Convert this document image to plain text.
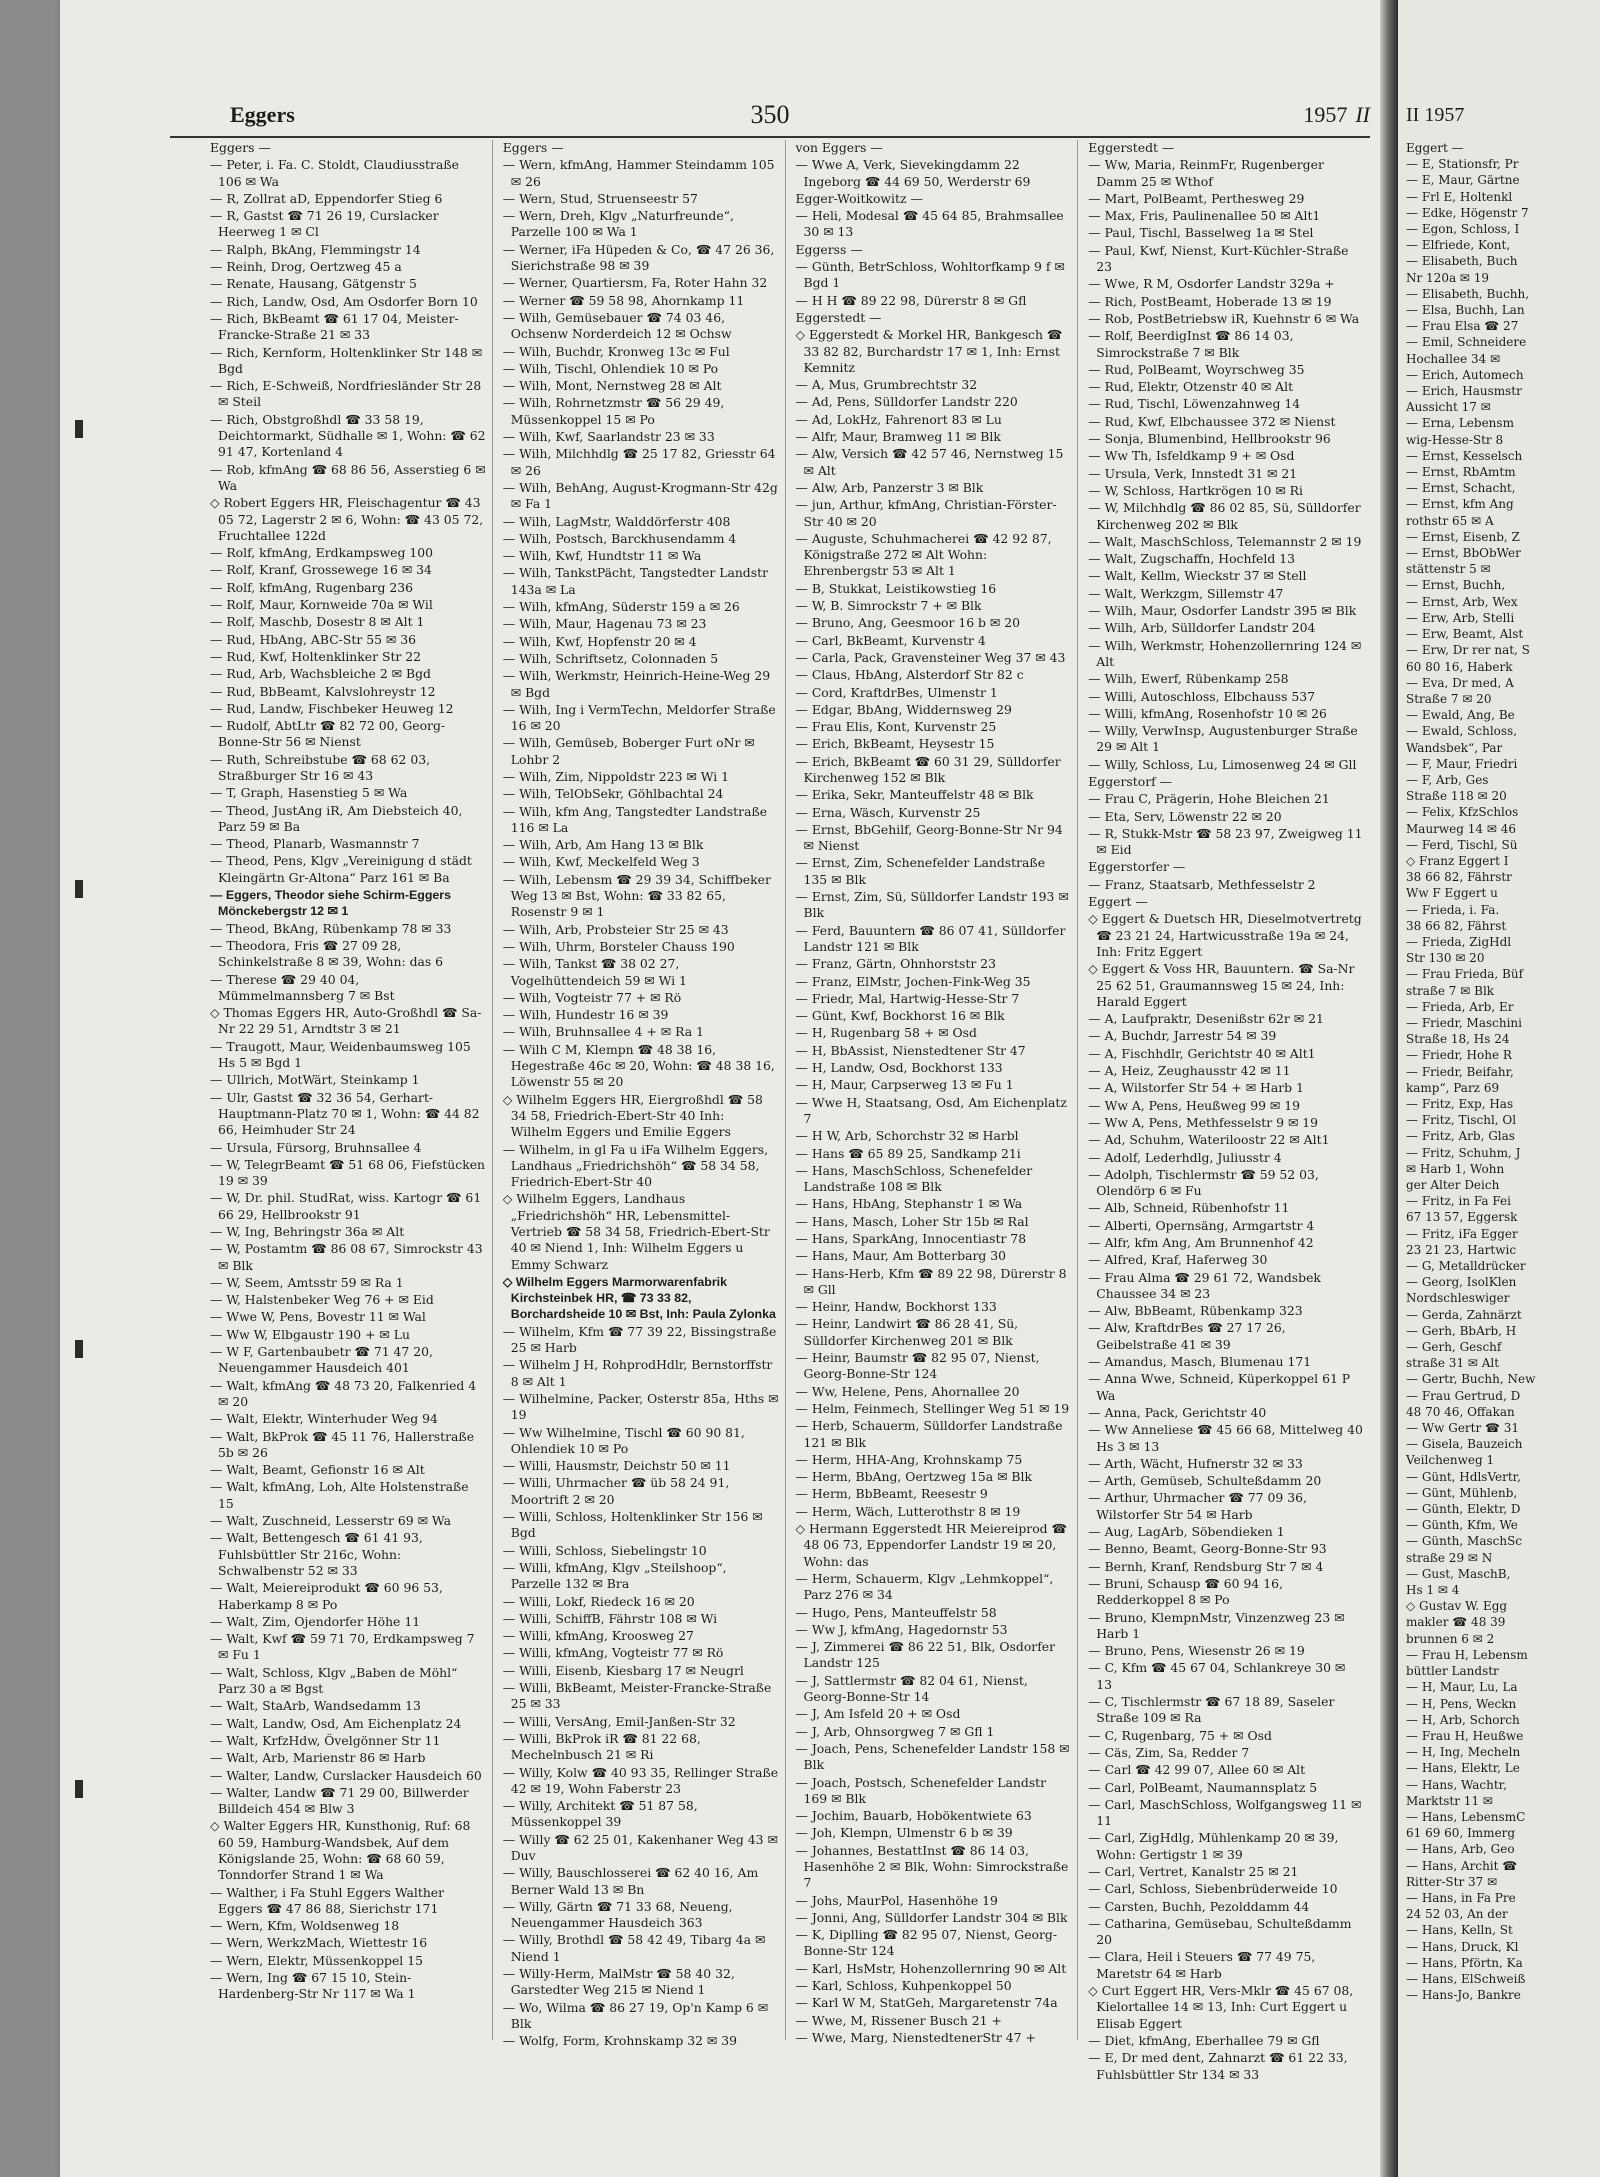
Eggers	350	1957 II
Eggers —
— Peter, i. Fa. C. Stoldt, Claudiusstraße 106 ✉ Wa
— R, Zollrat aD, Eppendorfer Stieg 6
— R, Gastst ☎ 71 26 19, Curslacker Heerweg 1 ✉ Cl
— Ralph, BkAng, Flemmingstr 14
— Reinh, Drog, Oertzweg 45 a
— Renate, Hausang, Gätgenstr 5
— Rich, Landw, Osd, Am Osdorfer Born 10
— Rich, BkBeamt ☎ 61 17 04, Meister-Francke-Straße 21 ✉ 33
— Rich, Kernform, Holtenklinker Str 148 ✉ Bgd
— Rich, E-Schweiß, Nordfriesländer Str 28 ✉ Steil
— Rich, Obstgroßhdl ☎ 33 58 19, Deichtormarkt, Südhalle ✉ 1, Wohn: ☎ 62 91 47, Kortenland 4
— Rob, kfmAng ☎ 68 86 56, Asserstieg 6 ✉ Wa
◇ Robert Eggers HR, Fleischagentur ☎ 43 05 72, Lagerstr 2 ✉ 6, Wohn: ☎ 43 05 72, Fruchtallee 122d
— Rolf, kfmAng, Erdkampsweg 100
— Rolf, Kranf, Grossewege 16 ✉ 34
— Rolf, kfmAng, Rugenbarg 236
— Rolf, Maur, Kornweide 70a ✉ Wil
— Rolf, Maschb, Dosestr 8 ✉ Alt 1
— Rud, HbAng, ABC-Str 55 ✉ 36
— Rud, Kwf, Holtenklinker Str 22
— Rud, Arb, Wachsbleiche 2 ✉ Bgd
— Rud, BbBeamt, Kalvslohreystr 12
— Rud, Landw, Fischbeker Heuweg 12
— Rudolf, AbtLtr ☎ 82 72 00, Georg-Bonne-Str 56 ✉ Nienst
— Ruth, Schreibstube ☎ 68 62 03, Straßburger Str 16 ✉ 43
— T, Graph, Hasenstieg 5 ✉ Wa
— Theod, JustAng iR, Am Diebsteich 40, Parz 59 ✉ Ba
— Theod, Planarb, Wasmannstr 7
— Theod, Pens, Klgv „Vereinigung d städt Kleingärtn Gr-Altona“ Parz 161 ✉ Ba
— Eggers, Theodor siehe Schirm-Eggers Mönckebergstr 12 ✉ 1
— Theod, BkAng, Rübenkamp 78 ✉ 33
— Theodora, Fris ☎ 27 09 28, Schinkelstraße 8 ✉ 39, Wohn: das 6
— Therese ☎ 29 40 04, Mümmelmannsberg 7 ✉ Bst
◇ Thomas Eggers HR, Auto-Großhdl ☎ Sa-Nr 22 29 51, Arndtstr 3 ✉ 21
— Traugott, Maur, Weidenbaumsweg 105 Hs 5 ✉ Bgd 1
— Ullrich, MotWärt, Steinkamp 1
— Ulr, Gastst ☎ 32 36 54, Gerhart-Hauptmann-Platz 70 ✉ 1, Wohn: ☎ 44 82 66, Heimhuder Str 24
— Ursula, Fürsorg, Bruhnsallee 4
— W, TelegrBeamt ☎ 51 68 06, Fiefstücken 19 ✉ 39
— W, Dr. phil. StudRat, wiss. Kartogr ☎ 61 66 29, Hellbrookstr 91
— W, Ing, Behringstr 36a ✉ Alt
— W, Postamtm ☎ 86 08 67, Simrockstr 43 ✉ Blk
— W, Seem, Amtsstr 59 ✉ Ra 1
— W, Halstenbeker Weg 76 + ✉ Eid
— Wwe W, Pens, Bovestr 11 ✉ Wal
— Ww W, Elbgaustr 190 + ✉ Lu
— W F, Gartenbaubetr ☎ 71 47 20, Neuengammer Hausdeich 401
— Walt, kfmAng ☎ 48 73 20, Falkenried 4 ✉ 20
— Walt, Elektr, Winterhuder Weg 94
— Walt, BkProk ☎ 45 11 76, Hallerstraße 5b ✉ 26
— Walt, Beamt, Gefionstr 16 ✉ Alt
— Walt, kfmAng, Loh, Alte Holstenstraße 15
— Walt, Zuschneid, Lesserstr 69 ✉ Wa
— Walt, Bettengesch ☎ 61 41 93, Fuhlsbüttler Str 216c, Wohn: Schwalbenstr 52 ✉ 33
— Walt, Meiereiprodukt ☎ 60 96 53, Haberkamp 8 ✉ Po
— Walt, Zim, Ojendorfer Höhe 11
— Walt, Kwf ☎ 59 71 70, Erdkampsweg 7 ✉ Fu 1
— Walt, Schloss, Klgv „Baben de Möhl“ Parz 30 a ✉ Bgst
— Walt, StaArb, Wandsedamm 13
— Walt, Landw, Osd, Am Eichenplatz 24
— Walt, KrfzHdw, Övelgönner Str 11
— Walt, Arb, Marienstr 86 ✉ Harb
— Walter, Landw, Curslacker Hausdeich 60
— Walter, Landw ☎ 71 29 00, Billwerder Billdeich 454 ✉ Blw 3
◇ Walter Eggers HR, Kunsthonig, Ruf: 68 60 59, Hamburg-Wandsbek, Auf dem Königslande 25, Wohn: ☎ 68 60 59, Tonndorfer Strand 1 ✉ Wa
— Walther, i Fa Stuhl Eggers Walther Eggers ☎ 47 86 88, Sierichstr 171
— Wern, Kfm, Woldsenweg 18
— Wern, WerkzMach, Wiettestr 16
— Wern, Elektr, Müssenkoppel 15
— Wern, Ing ☎ 67 15 10, Stein-Hardenberg-Str Nr 117 ✉ Wa 1
Eggers —
— Wern, kfmAng, Hammer Steindamm 105 ✉ 26
— Wern, Stud, Struenseestr 57
— Wern, Dreh, Klgv „Naturfreunde“, Parzelle 100 ✉ Wa 1
— Werner, iFa Hüpeden & Co, ☎ 47 26 36, Sierichstraße 98 ✉ 39
— Werner, Quartiersm, Fa, Roter Hahn 32
— Werner ☎ 59 58 98, Ahornkamp 11
— Wilh, Gemüsebauer ☎ 74 03 46, Ochsenw Norderdeich 12 ✉ Ochsw
— Wilh, Buchdr, Kronweg 13c ✉ Ful
— Wilh, Tischl, Ohlendiek 10 ✉ Po
— Wilh, Mont, Nernstweg 28 ✉ Alt
— Wilh, Rohrnetzmstr ☎ 56 29 49, Müssenkoppel 15 ✉ Po
— Wilh, Kwf, Saarlandstr 23 ✉ 33
— Wilh, Milchhdlg ☎ 25 17 82, Griesstr 64 ✉ 26
— Wilh, BehAng, August-Krogmann-Str 42g ✉ Fa 1
— Wilh, LagMstr, Walddörferstr 408
— Wilh, Postsch, Barckhusendamm 4
— Wilh, Kwf, Hundtstr 11 ✉ Wa
— Wilh, TankstPächt, Tangstedter Landstr 143a ✉ La
— Wilh, kfmAng, Süderstr 159 a ✉ 26
— Wilh, Maur, Hagenau 73 ✉ 23
— Wilh, Kwf, Hopfenstr 20 ✉ 4
— Wilh, Schriftsetz, Colonnaden 5
— Wilh, Werkmstr, Heinrich-Heine-Weg 29 ✉ Bgd
— Wilh, Ing i VermTechn, Meldorfer Straße 16 ✉ 20
— Wilh, Gemüseb, Boberger Furt oNr ✉ Lohbr 2
— Wilh, Zim, Nippoldstr 223 ✉ Wi 1
— Wilh, TelObSekr, Göhlbachtal 24
— Wilh, kfm Ang, Tangstedter Landstraße 116 ✉ La
— Wilh, Arb, Am Hang 13 ✉ Blk
— Wilh, Kwf, Meckelfeld Weg 3
— Wilh, Lebensm ☎ 29 39 34, Schiffbeker Weg 13 ✉ Bst, Wohn: ☎ 33 82 65, Rosenstr 9 ✉ 1
— Wilh, Arb, Probsteier Str 25 ✉ 43
— Wilh, Uhrm, Borsteler Chauss 190
— Wilh, Tankst ☎ 38 02 27, Vogelhüttendeich 59 ✉ Wi 1
— Wilh, Vogteistr 77 + ✉ Rö
— Wilh, Hundestr 16 ✉ 39
— Wilh, Bruhnsallee 4 + ✉ Ra 1
— Wilh C M, Klempn ☎ 48 38 16, Hegestraße 46c ✉ 20, Wohn: ☎ 48 38 16, Löwenstr 55 ✉ 20
◇ Wilhelm Eggers HR, Eiergroßhdl ☎ 58 34 58, Friedrich-Ebert-Str 40 Inh: Wilhelm Eggers und Emilie Eggers
— Wilhelm, in gl Fa u iFa Wilhelm Eggers, Landhaus „Friedrichshöh“ ☎ 58 34 58, Friedrich-Ebert-Str 40
◇ Wilhelm Eggers, Landhaus „Friedrichshöh“ HR, Lebensmittel-Vertrieb ☎ 58 34 58, Friedrich-Ebert-Str 40 ✉ Niend 1, Inh: Wilhelm Eggers u Emmy Schwarz
◇ Wilhelm Eggers Marmorwarenfabrik Kirchsteinbek HR, ☎ 73 33 82, Borchardsheide 10 ✉ Bst, Inh: Paula Zylonka
— Wilhelm, Kfm ☎ 77 39 22, Bissingstraße 25 ✉ Harb
— Wilhelm J H, RohprodHdlr, Bernstorffstr 8 ✉ Alt 1
— Wilhelmine, Packer, Osterstr 85a, Hths ✉ 19
— Ww Wilhelmine, Tischl ☎ 60 90 81, Ohlendiek 10 ✉ Po
— Willi, Hausmstr, Deichstr 50 ✉ 11
— Willi, Uhrmacher ☎ üb 58 24 91, Moortrift 2 ✉ 20
— Willi, Schloss, Holtenklinker Str 156 ✉ Bgd
— Willi, Schloss, Siebelingstr 10
— Willi, kfmAng, Klgv „Steilshoop“, Parzelle 132 ✉ Bra
— Willi, Lokf, Riedeck 16 ✉ 20
— Willi, SchiffB, Fährstr 108 ✉ Wi
— Willi, kfmAng, Kroosweg 27
— Willi, kfmAng, Vogteistr 77 ✉ Rö
— Willi, Eisenb, Kiesbarg 17 ✉ Neugrl
— Willi, BkBeamt, Meister-Francke-Straße 25 ✉ 33
— Willi, VersAng, Emil-Janßen-Str 32
— Willi, BkProk iR ☎ 81 22 68, Mechelnbusch 21 ✉ Ri
— Willy, Kolw ☎ 40 93 35, Rellinger Straße 42 ✉ 19, Wohn Faberstr 23
— Willy, Architekt ☎ 51 87 58, Müssenkoppel 39
— Willy ☎ 62 25 01, Kakenhaner Weg 43 ✉ Duv
— Willy, Bauschlosserei ☎ 62 40 16, Am Berner Wald 13 ✉ Bn
— Willy, Gärtn ☎ 71 33 68, Neueng, Neuengammer Hausdeich 363
— Willy, Brothdl ☎ 58 42 49, Tibarg 4a ✉ Niend 1
— Willy-Herm, MalMstr ☎ 58 40 32, Garstedter Weg 215 ✉ Niend 1
— Wo, Wilma ☎ 86 27 19, Op'n Kamp 6 ✉ Blk
— Wolfg, Form, Krohnskamp 32 ✉ 39
von Eggers —
— Wwe A, Verk, Sievekingdamm 22 Ingeborg ☎ 44 69 50, Werderstr 69
Egger-Woitkowitz —
— Heli, Modesal ☎ 45 64 85, Brahmsallee 30 ✉ 13
Eggerss —
— Günth, BetrSchloss, Wohltorfkamp 9 f ✉ Bgd 1
— H H ☎ 89 22 98, Dürerstr 8 ✉ Gfl
Eggerstedt —
◇ Eggerstedt & Morkel HR, Bankgesch ☎ 33 82 82, Burchardstr 17 ✉ 1, Inh: Ernst Kemnitz
— A, Mus, Grumbrechtstr 32
— Ad, Pens, Sülldorfer Landstr 220
— Ad, LokHz, Fahrenort 83 ✉ Lu
— Alfr, Maur, Bramweg 11 ✉ Blk
— Alw, Versich ☎ 42 57 46, Nernstweg 15 ✉ Alt
— Alw, Arb, Panzerstr 3 ✉ Blk
— jun, Arthur, kfmAng, Christian-Förster-Str 40 ✉ 20
— Auguste, Schuhmacherei ☎ 42 92 87, Königstraße 272 ✉ Alt Wohn: Ehrenbergstr 53 ✉ Alt 1
— B, Stukkat, Leistikowstieg 16
— W, B. Simrockstr 7 + ✉ Blk
— Bruno, Ang, Geesmoor 16 b ✉ 20
— Carl, BkBeamt, Kurvenstr 4
— Carla, Pack, Gravensteiner Weg 37 ✉ 43
— Claus, HbAng, Alsterdorf Str 82 c
— Cord, KraftdrBes, Ulmenstr 1
— Edgar, BbAng, Widdernsweg 29
— Frau Elis, Kont, Kurvenstr 25
— Erich, BkBeamt, Heysestr 15
— Erich, BkBeamt ☎ 60 31 29, Sülldorfer Kirchenweg 152 ✉ Blk
— Erika, Sekr, Manteuffelstr 48 ✉ Blk
— Erna, Wäsch, Kurvenstr 25
— Ernst, BbGehilf, Georg-Bonne-Str Nr 94 ✉ Nienst
— Ernst, Zim, Schenefelder Landstraße 135 ✉ Blk
— Ernst, Zim, Sü, Sülldorfer Landstr 193 ✉ Blk
— Ferd, Bauuntern ☎ 86 07 41, Sülldorfer Landstr 121 ✉ Blk
— Franz, Gärtn, Ohnhorststr 23
— Franz, ElMstr, Jochen-Fink-Weg 35
— Friedr, Mal, Hartwig-Hesse-Str 7
— Günt, Kwf, Bockhorst 16 ✉ Blk
— H, Rugenbarg 58 + ✉ Osd
— H, BbAssist, Nienstedtener Str 47
— H, Landw, Osd, Bockhorst 133
— H, Maur, Carpserweg 13 ✉ Fu 1
— Wwe H, Staatsang, Osd, Am Eichenplatz 7
— H W, Arb, Schorchstr 32 ✉ Harbl
— Hans ☎ 65 89 25, Sandkamp 21i
— Hans, MaschSchloss, Schenefelder Landstraße 108 ✉ Blk
— Hans, HbAng, Stephanstr 1 ✉ Wa
— Hans, Masch, Loher Str 15b ✉ Ral
— Hans, SparkAng, Innocentiastr 78
— Hans, Maur, Am Botterbarg 30
— Hans-Herb, Kfm ☎ 89 22 98, Dürerstr 8 ✉ Gll
— Heinr, Handw, Bockhorst 133
— Heinr, Landwirt ☎ 86 28 41, Sü, Sülldorfer Kirchenweg 201 ✉ Blk
— Heinr, Baumstr ☎ 82 95 07, Nienst, Georg-Bonne-Str 124
— Ww, Helene, Pens, Ahornallee 20
— Helm, Feinmech, Stellinger Weg 51 ✉ 19
— Herb, Schauerm, Sülldorfer Landstraße 121 ✉ Blk
— Herm, HHA-Ang, Krohnskamp 75
— Herm, BbAng, Oertzweg 15a ✉ Blk
— Herm, BbBeamt, Reesestr 9
— Herm, Wäch, Lutterothstr 8 ✉ 19
◇ Hermann Eggerstedt HR Meiereiprod ☎ 48 06 73, Eppendorfer Landstr 19 ✉ 20, Wohn: das
— Herm, Schauerm, Klgv „Lehmkoppel“, Parz 276 ✉ 34
— Hugo, Pens, Manteuffelstr 58
— Ww J, kfmAng, Hagedornstr 53
— J, Zimmerei ☎ 86 22 51, Blk, Osdorfer Landstr 125
— J, Sattlermstr ☎ 82 04 61, Nienst, Georg-Bonne-Str 14
— J, Am Isfeld 20 + ✉ Osd
— J, Arb, Ohnsorgweg 7 ✉ Gfl 1
— Joach, Pens, Schenefelder Landstr 158 ✉ Blk
— Joach, Postsch, Schenefelder Landstr 169 ✉ Blk
— Jochim, Bauarb, Hobökentwiete 63
— Joh, Klempn, Ulmenstr 6 b ✉ 39
— Johannes, BestattInst ☎ 86 14 03, Hasenhöhe 2 ✉ Blk, Wohn: Simrockstraße 7
— Johs, MaurPol, Hasenhöhe 19
— Jonni, Ang, Sülldorfer Landstr 304 ✉ Blk
— K, Diplling ☎ 82 95 07, Nienst, Georg-Bonne-Str 124
— Karl, HsMstr, Hohenzollernring 90 ✉ Alt
— Karl, Schloss, Kuhpenkoppel 50
— Karl W M, StatGeh, Margaretenstr 74a
— Wwe, M, Rissener Busch 21 +
— Wwe, Marg, NienstedtenerStr 47 +
Eggerstedt —
— Ww, Maria, ReinmFr, Rugenberger Damm 25 ✉ Wthof
— Mart, PolBeamt, Perthesweg 29
— Max, Fris, Paulinenallee 50 ✉ Alt1
— Paul, Tischl, Basselweg 1a ✉ Stel
— Paul, Kwf, Nienst, Kurt-Küchler-Straße 23
— Wwe, R M, Osdorfer Landstr 329a +
— Rich, PostBeamt, Hoberade 13 ✉ 19
— Rob, PostBetriebsw iR, Kuehnstr 6 ✉ Wa
— Rolf, BeerdigInst ☎ 86 14 03, Simrockstraße 7 ✉ Blk
— Rud, PolBeamt, Woyrschweg 35
— Rud, Elektr, Otzenstr 40 ✉ Alt
— Rud, Tischl, Löwenzahnweg 14
— Rud, Kwf, Elbchaussee 372 ✉ Nienst
— Sonja, Blumenbind, Hellbrookstr 96
— Ww Th, Isfeldkamp 9 + ✉ Osd
— Ursula, Verk, Innstedt 31 ✉ 21
— W, Schloss, Hartkrögen 10 ✉ Ri
— W, Milchhdlg ☎ 86 02 85, Sü, Sülldorfer Kirchenweg 202 ✉ Blk
— Walt, MaschSchloss, Telemannstr 2 ✉ 19
— Walt, Zugschaffn, Hochfeld 13
— Walt, Kellm, Wieckstr 37 ✉ Stell
— Walt, Werkzgm, Sillemstr 47
— Wilh, Maur, Osdorfer Landstr 395 ✉ Blk
— Wilh, Arb, Sülldorfer Landstr 204
— Wilh, Werkmstr, Hohenzollernring 124 ✉ Alt
— Wilh, Ewerf, Rübenkamp 258
— Willi, Autoschloss, Elbchauss 537
— Willi, kfmAng, Rosenhofstr 10 ✉ 26
— Willy, VerwInsp, Augustenburger Straße 29 ✉ Alt 1
— Willy, Schloss, Lu, Limosenweg 24 ✉ Gll
Eggerstorf —
— Frau C, Prägerin, Hohe Bleichen 21
— Eta, Serv, Löwenstr 22 ✉ 20
— R, Stukk-Mstr ☎ 58 23 97, Zweigweg 11 ✉ Eid
Eggerstorfer —
— Franz, Staatsarb, Methfesselstr 2
Eggert —
◇ Eggert & Duetsch HR, Dieselmotvertretg ☎ 23 21 24, Hartwicusstraße 19a ✉ 24, Inh: Fritz Eggert
◇ Eggert & Voss HR, Bauuntern. ☎ Sa-Nr 25 62 51, Graumannsweg 15 ✉ 24, Inh: Harald Eggert
— A, Laufpraktr, Desenißstr 62r ✉ 21
— A, Buchdr, Jarrestr 54 ✉ 39
— A, Fischhdlr, Gerichtstr 40 ✉ Alt1
— A, Heiz, Zeughausstr 42 ✉ 11
— A, Wilstorfer Str 54 + ✉ Harb 1
— Ww A, Pens, Heußweg 99 ✉ 19
— Ww A, Pens, Methfesselstr 9 ✉ 19
— Ad, Schuhm, Wateriloostr 22 ✉ Alt1
— Adolf, Lederhdlg, Juliusstr 4
— Adolph, Tischlermstr ☎ 59 52 03, Olendörp 6 ✉ Fu
— Alb, Schneid, Rübenhofstr 11
— Alberti, Opernsäng, Armgartstr 4
— Alfr, kfm Ang, Am Brunnenhof 42
— Alfred, Kraf, Haferweg 30
— Frau Alma ☎ 29 61 72, Wandsbek Chaussee 34 ✉ 23
— Alw, BbBeamt, Rübenkamp 323
— Alw, KraftdrBes ☎ 27 17 26, Geibelstraße 41 ✉ 39
— Amandus, Masch, Blumenau 171
— Anna Wwe, Schneid, Küperkoppel 61 P Wa
— Anna, Pack, Gerichtstr 40
— Ww Anneliese ☎ 45 66 68, Mittelweg 40 Hs 3 ✉ 13
— Arth, Wächt, Hufnerstr 32 ✉ 33
— Arth, Gemüseb, Schulteßdamm 20
— Arthur, Uhrmacher ☎ 77 09 36, Wilstorfer Str 54 ✉ Harb
— Aug, LagArb, Söbendieken 1
— Benno, Beamt, Georg-Bonne-Str 93
— Bernh, Kranf, Rendsburg Str 7 ✉ 4
— Bruni, Schausp ☎ 60 94 16, Redderkoppel 8 ✉ Po
— Bruno, KlempnMstr, Vinzenzweg 23 ✉ Harb 1
— Bruno, Pens, Wiesenstr 26 ✉ 19
— C, Kfm ☎ 45 67 04, Schlankreye 30 ✉ 13
— C, Tischlermstr ☎ 67 18 89, Saseler Straße 109 ✉ Ra
— C, Rugenbarg, 75 + ✉ Osd
— Cäs, Zim, Sa, Redder 7
— Carl ☎ 42 99 07, Allee 60 ✉ Alt
— Carl, PolBeamt, Naumannsplatz 5
— Carl, MaschSchloss, Wolfgangsweg 11 ✉ 11
— Carl, ZigHdlg, Mühlenkamp 20 ✉ 39, Wohn: Gertigstr 1 ✉ 39
— Carl, Vertret, Kanalstr 25 ✉ 21
— Carl, Schloss, Siebenbrüderweide 10
— Carsten, Buchh, Pezolddamm 44
— Catharina, Gemüsebau, Schulteßdamm 20
— Clara, Heil i Steuers ☎ 77 49 75, Maretstr 64 ✉ Harb
◇ Curt Eggert HR, Vers-Mklr ☎ 45 67 08, Kielortallee 14 ✉ 13, Inh: Curt Eggert u Elisab Eggert
— Diet, kfmAng, Eberhallee 79 ✉ Gfl
— E, Dr med dent, Zahnarzt ☎ 61 22 33, Fuhlsbüttler Str 134 ✉ 33
II 1957
Eggert —
— E, Stationsfr, Pr
— E, Maur, Gärtne
— Frl E, Holtenkl
— Edke, Högenstr 7
— Egon, Schloss, I
— Elfriede, Kont,
— Elisabeth, Buch
Nr 120a ✉ 19
— Elisabeth, Buchh,
— Elsa, Buchh, Lan
— Frau Elsa ☎ 27
— Emil, Schneidere
Hochallee 34 ✉
— Erich, Automech
— Erich, Hausmstr
Aussicht 17 ✉
— Erna, Lebensm
wig-Hesse-Str 8
— Ernst, Kesselsch
— Ernst, RbAmtm
— Ernst, Schacht,
— Ernst, kfm Ang
rothstr 65 ✉ A
— Ernst, Eisenb, Z
— Ernst, BbObWer
stättenstr 5 ✉
— Ernst, Buchh,
— Ernst, Arb, Wex
— Erw, Arb, Stelli
— Erw, Beamt, Alst
— Erw, Dr rer nat, S
60 80 16, Haberk
— Eva, Dr med, A
Straße 7 ✉ 20
— Ewald, Ang, Be
— Ewald, Schloss,
Wandsbek“, Par
— F, Maur, Friedri
— F, Arb, Ges
Straße 118 ✉ 20
— Felix, KfzSchlos
Maurweg 14 ✉ 46
— Ferd, Tischl, Sü
◇ Franz Eggert I
38 66 82, Fährstr
Ww F Eggert u
— Frieda, i. Fa.
38 66 82, Fährst
— Frieda, ZigHdl
Str 130 ✉ 20
— Frau Frieda, Büf
straße 7 ✉ Blk
— Frieda, Arb, Er
— Friedr, Maschini
Straße 18, Hs 24
— Friedr, Hohe R
— Friedr, Beifahr,
kamp“, Parz 69
— Fritz, Exp, Has
— Fritz, Tischl, Ol
— Fritz, Arb, Glas
— Fritz, Schuhm, J
✉ Harb 1, Wohn
ger Alter Deich
— Fritz, in Fa Fei
67 13 57, Eggersk
— Fritz, iFa Egger
23 21 23, Hartwic
— G, Metalldrücker
— Georg, IsolKlen
Nordschleswiger
— Gerda, Zahnärzt
— Gerh, BbArb, H
— Gerh, Geschf
straße 31 ✉ Alt
— Gertr, Buchh, New
— Frau Gertrud, D
48 70 46, Offakan
— Ww Gertr ☎ 31
— Gisela, Bauzeich
Veilchenweg 1
— Günt, HdlsVertr,
— Günt, Mühlenb,
— Günth, Elektr, D
— Günth, Kfm, We
— Günth, MaschSc
straße 29 ✉ N
— Gust, MaschB,
Hs 1 ✉ 4
◇ Gustav W. Egg
makler ☎ 48 39
brunnen 6 ✉ 2
— Frau H, Lebensm
büttler Landstr
— H, Maur, Lu, La
— H, Pens, Weckn
— H, Arb, Schorch
— Frau H, Heußwe
— H, Ing, Mecheln
— Hans, Elektr, Le
— Hans, Wachtr,
Marktstr 11 ✉
— Hans, LebensmC
61 69 60, Immerg
— Hans, Arb, Geo
— Hans, Archit ☎
Ritter-Str 37 ✉
— Hans, in Fa Pre
24 52 03, An der
— Hans, Kelln, St
— Hans, Druck, Kl
— Hans, Pförtn, Ka
— Hans, ElSchweiß
— Hans-Jo, Bankre
